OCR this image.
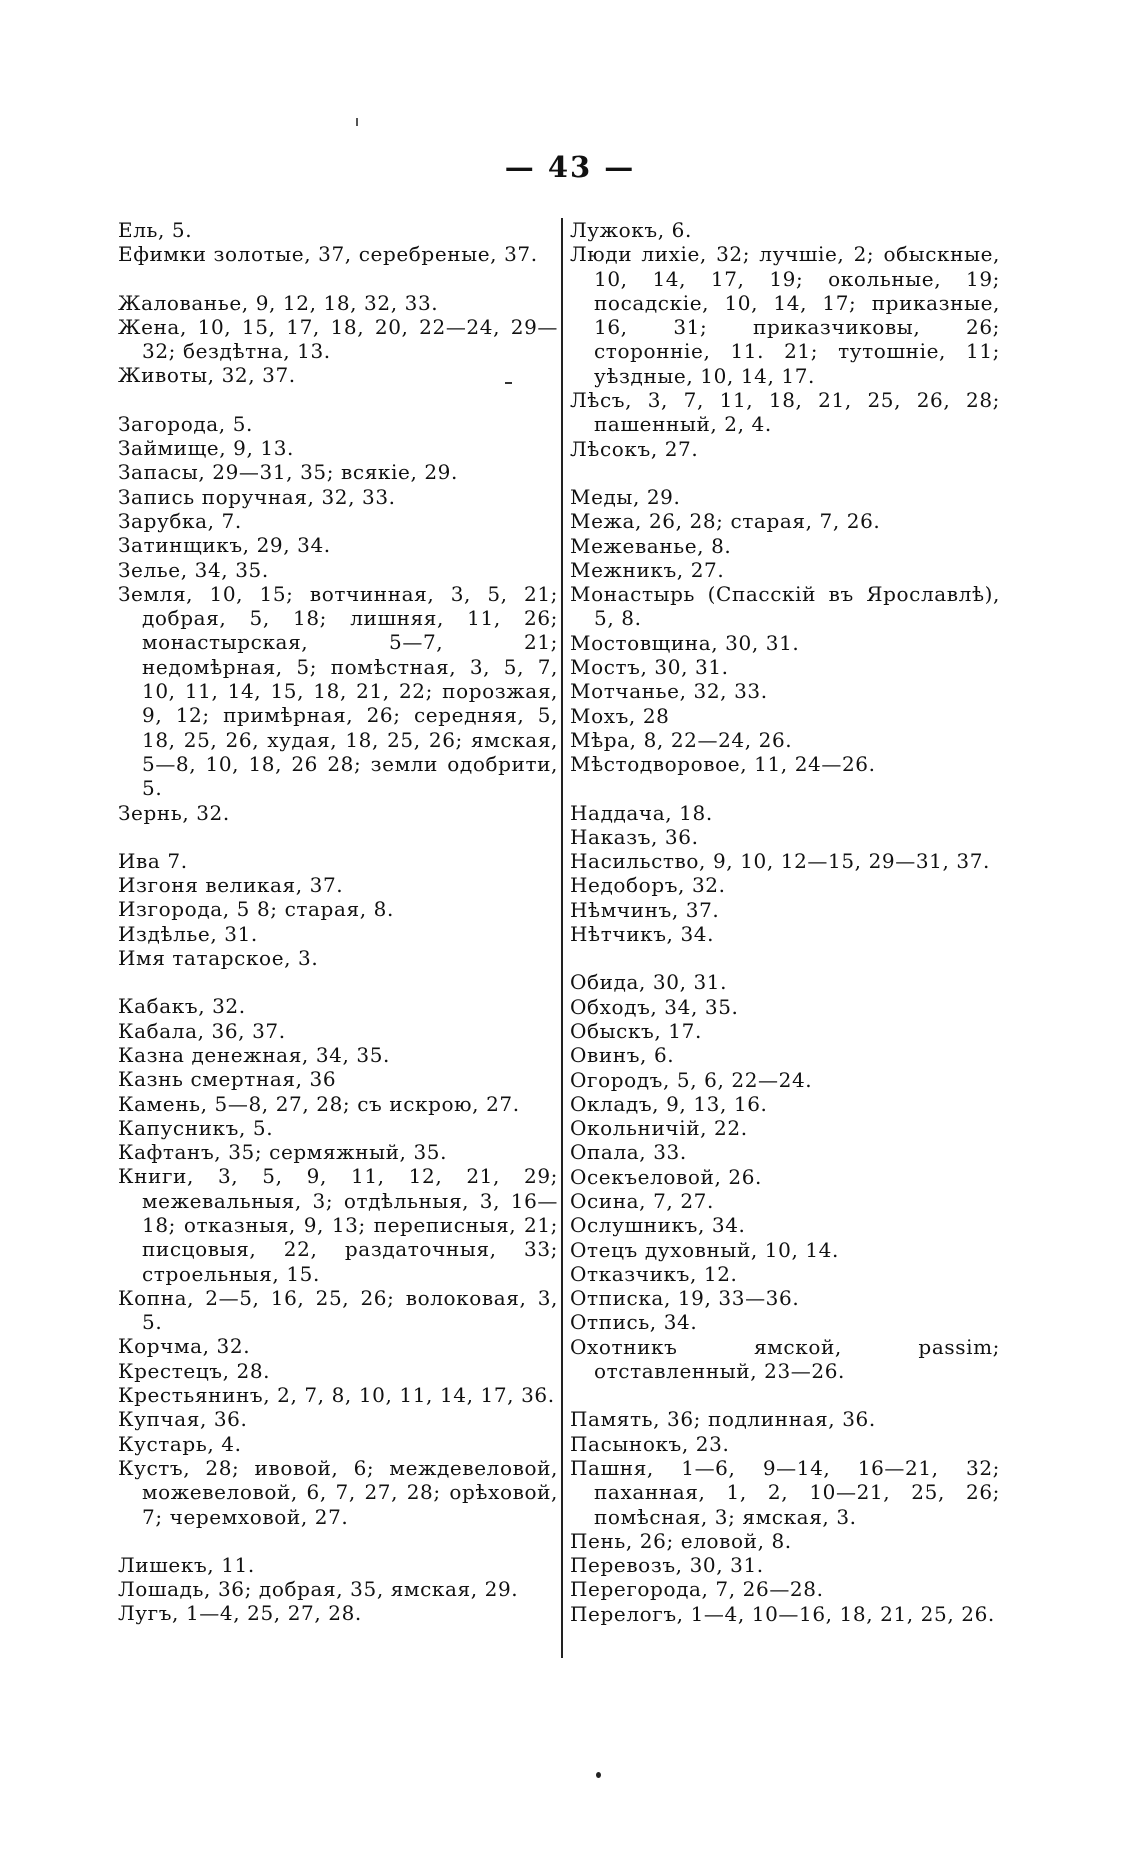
— 43 —
Ель, 5.
Ефимки золотые, 37, серебреные, 37.
Жалованье, 9, 12, 18, 32, 33.
Жена, 10, 15, 17, 18, 20, 22—24, 29—32; бездѣтна, 13.
Животы, 32, 37.
Загорода, 5.
Займище, 9, 13.
Запасы, 29—31, 35; всякіе, 29.
Запись поручная, 32, 33.
Зарубка, 7.
Затинщикъ, 29, 34.
Зелье, 34, 35.
Земля, 10, 15; вотчинная, 3, 5, 21; добрая, 5, 18; лишняя, 11, 26; монастырская, 5—7, 21; недомѣрная, 5; помѣстная, 3, 5, 7, 10, 11, 14, 15, 18, 21, 22; порозжая, 9, 12; примѣрная, 26; середняя, 5, 18, 25, 26, худая, 18, 25, 26; ямская, 5—8, 10, 18, 26 28; земли одобрити, 5.
Зернь, 32.
Ива 7.
Изгоня великая, 37.
Изгорода, 5 8; старая, 8.
Издѣлье, 31.
Имя татарское, 3.
Кабакъ, 32.
Кабала, 36, 37.
Казна денежная, 34, 35.
Казнь смертная, 36
Камень, 5—8, 27, 28; съ искрою, 27.
Капусникъ, 5.
Кафтанъ, 35; сермяжный, 35.
Книги, 3, 5, 9, 11, 12, 21, 29; межевальныя, 3; отдѣльныя, 3, 16—18; отказныя, 9, 13; переписныя, 21; писцовыя, 22, раздаточныя, 33; строельныя, 15.
Копна, 2—5, 16, 25, 26; волоковая, 3, 5.
Корчма, 32.
Крестецъ, 28.
Крестьянинъ, 2, 7, 8, 10, 11, 14, 17, 36.
Купчая, 36.
Кустарь, 4.
Кустъ, 28; ивовой, 6; междевеловой, можевеловой, 6, 7, 27, 28; орѣховой, 7; черемховой, 27.
Лишекъ, 11.
Лошадь, 36; добрая, 35, ямская, 29.
Лугъ, 1—4, 25, 27, 28.
Лужокъ, 6.
Люди лихіе, 32; лучшіе, 2; обыскные, 10, 14, 17, 19; окольные, 19; посадскіе, 10, 14, 17; приказные, 16, 31; приказчиковы, 26; сторонніе, 11. 21; тутошніе, 11; уѣздные, 10, 14, 17.
Лѣсъ, 3, 7, 11, 18, 21, 25, 26, 28; пашенный, 2, 4.
Лѣсокъ, 27.
Меды, 29.
Межа, 26, 28; старая, 7, 26.
Межеванье, 8.
Межникъ, 27.
Монастырь (Спасскій въ Ярославлѣ), 5, 8.
Мостовщина, 30, 31.
Мостъ, 30, 31.
Мотчанье, 32, 33.
Мохъ, 28
Мѣра, 8, 22—24, 26.
Мѣстодворовое, 11, 24—26.
Наддача, 18.
Наказъ, 36.
Насильство, 9, 10, 12—15, 29—31, 37.
Недоборъ, 32.
Нѣмчинъ, 37.
Нѣтчикъ, 34.
Обида, 30, 31.
Обходъ, 34, 35.
Обыскъ, 17.
Овинъ, 6.
Огородъ, 5, 6, 22—24.
Окладъ, 9, 13, 16.
Окольничій, 22.
Опала, 33.
Осекъеловой, 26.
Осина, 7, 27.
Ослушникъ, 34.
Отецъ духовный, 10, 14.
Отказчикъ, 12.
Отписка, 19, 33—36.
Отпись, 34.
Охотникъ ямской, passim; отставленный, 23—26.
Память, 36; подлинная, 36.
Пасынокъ, 23.
Пашня, 1—6, 9—14, 16—21, 32; паханная, 1, 2, 10—21, 25, 26; помѣсная, 3; ямская, 3.
Пень, 26; еловой, 8.
Перевозъ, 30, 31.
Перегорода, 7, 26—28.
Перелогъ, 1—4, 10—16, 18, 21, 25, 26.
